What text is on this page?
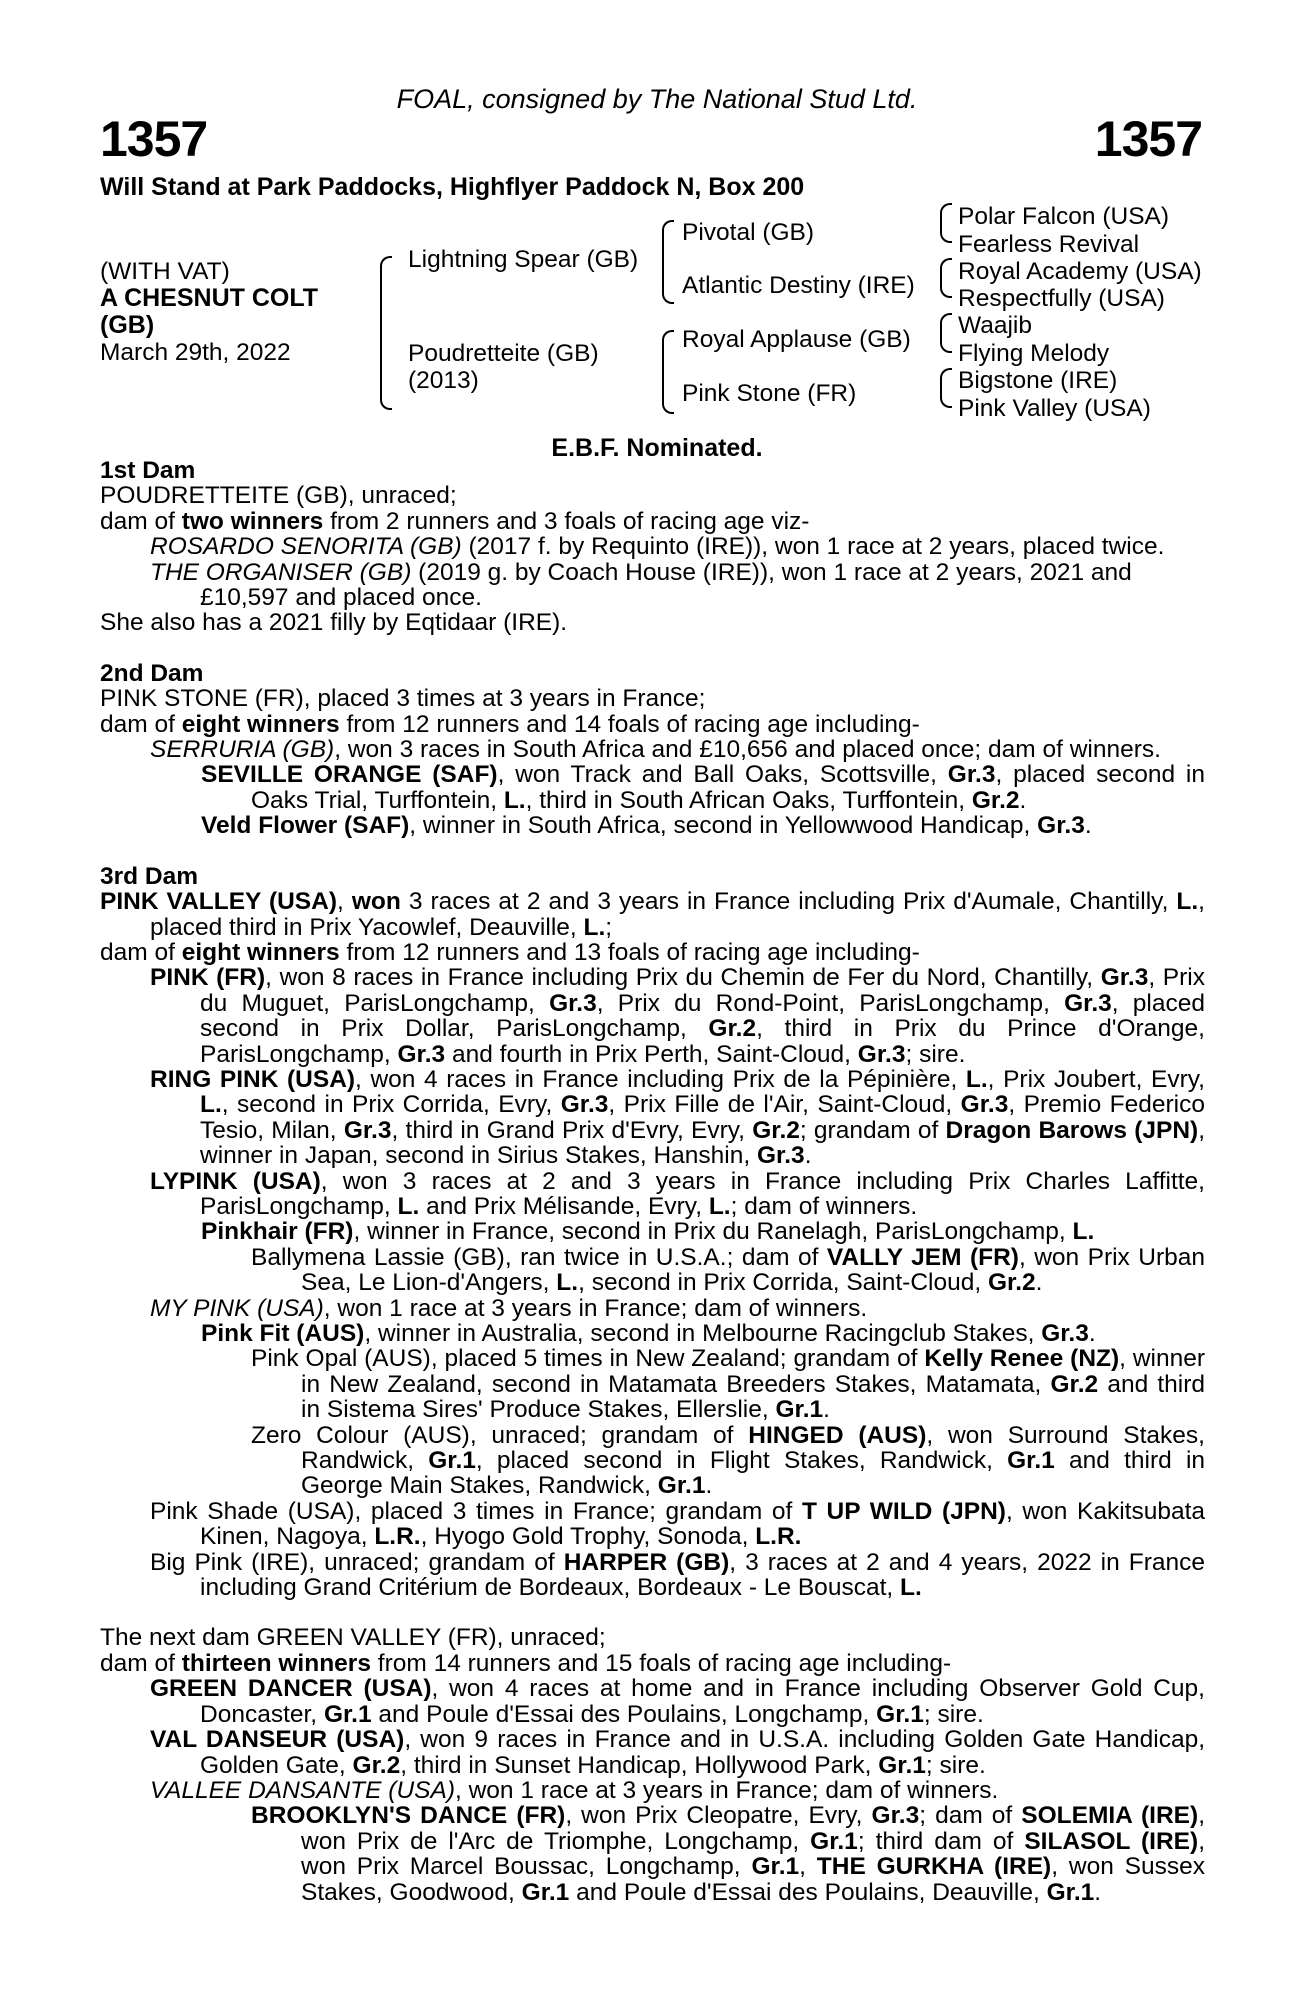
FOAL, consigned by The National Stud Ltd.
1357	1357
Will Stand at Park Paddocks, Highflyer Paddock N, Box 200
(WITH VAT)
A CHESNUT COLT
(GB)
March 29th, 2022
Lightning Spear (GB)
Poudretteite (GB)
(2013)
Pivotal (GB)
Atlantic Destiny (IRE)
Royal Applause (GB)
Pink Stone (FR)
Polar Falcon (USA)
Fearless Revival
Royal Academy (USA)
Respectfully (USA)
Waajib
Flying Melody
Bigstone (IRE)
Pink Valley (USA)
E.B.F. Nominated.

1st Dam

POUDRETTEITE (GB), unraced;

dam of two winners from 2 runners and 3 foals of racing age viz-

ROSARDO SENORITA (GB) (2017 f. by Requinto (IRE)), won 1 race at 2 years, placed twice.

THE ORGANISER (GB) (2019 g. by Coach House (IRE)), won 1 race at 2 years, 2021 and £10,597 and placed once.

She also has a 2021 filly by Eqtidaar (IRE).

2nd Dam

PINK STONE (FR), placed 3 times at 3 years in France;

dam of eight winners from 12 runners and 14 foals of racing age including-

SERRURIA (GB), won 3 races in South Africa and £10,656 and placed once; dam of winners.

SEVILLE ORANGE (SAF), won Track and Ball Oaks, Scottsville, Gr.3, placed second in Oaks Trial, Turffontein, L., third in South African Oaks, Turffontein, Gr.2.

Veld Flower (SAF), winner in South Africa, second in Yellowwood Handicap, Gr.3.

3rd Dam

PINK VALLEY (USA), won 3 races at 2 and 3 years in France including Prix d'Aumale, Chantilly, L., placed third in Prix Yacowlef, Deauville, L.;

dam of eight winners from 12 runners and 13 foals of racing age including-

PINK (FR), won 8 races in France including Prix du Chemin de Fer du Nord, Chantilly, Gr.3, Prix du Muguet, ParisLongchamp, Gr.3, Prix du Rond-Point, ParisLongchamp, Gr.3, placed second in Prix Dollar, ParisLongchamp, Gr.2, third in Prix du Prince d'Orange, ParisLongchamp, Gr.3 and fourth in Prix Perth, Saint-Cloud, Gr.3; sire.

RING PINK (USA), won 4 races in France including Prix de la Pépinière, L., Prix Joubert, Evry, L., second in Prix Corrida, Evry, Gr.3, Prix Fille de l'Air, Saint-Cloud, Gr.3, Premio Federico Tesio, Milan, Gr.3, third in Grand Prix d'Evry, Evry, Gr.2; grandam of Dragon Barows (JPN), winner in Japan, second in Sirius Stakes, Hanshin, Gr.3.

LYPINK (USA), won 3 races at 2 and 3 years in France including Prix Charles Laffitte, ParisLongchamp, L. and Prix Mélisande, Evry, L.; dam of winners.

Pinkhair (FR), winner in France, second in Prix du Ranelagh, ParisLongchamp, L.

Ballymena Lassie (GB), ran twice in U.S.A.; dam of VALLY JEM (FR), won Prix Urban Sea, Le Lion-d'Angers, L., second in Prix Corrida, Saint-Cloud, Gr.2.

MY PINK (USA), won 1 race at 3 years in France; dam of winners.

Pink Fit (AUS), winner in Australia, second in Melbourne Racingclub Stakes, Gr.3.

Pink Opal (AUS), placed 5 times in New Zealand; grandam of Kelly Renee (NZ), winner in New Zealand, second in Matamata Breeders Stakes, Matamata, Gr.2 and third in Sistema Sires' Produce Stakes, Ellerslie, Gr.1.

Zero Colour (AUS), unraced; grandam of HINGED (AUS), won Surround Stakes, Randwick, Gr.1, placed second in Flight Stakes, Randwick, Gr.1 and third in George Main Stakes, Randwick, Gr.1.

Pink Shade (USA), placed 3 times in France; grandam of T UP WILD (JPN), won Kakitsubata Kinen, Nagoya, L.R., Hyogo Gold Trophy, Sonoda, L.R.

Big Pink (IRE), unraced; grandam of HARPER (GB), 3 races at 2 and 4 years, 2022 in France including Grand Critérium de Bordeaux, Bordeaux - Le Bouscat, L.

The next dam GREEN VALLEY (FR), unraced;

dam of thirteen winners from 14 runners and 15 foals of racing age including-

GREEN DANCER (USA), won 4 races at home and in France including Observer Gold Cup, Doncaster, Gr.1 and Poule d'Essai des Poulains, Longchamp, Gr.1; sire.

VAL DANSEUR (USA), won 9 races in France and in U.S.A. including Golden Gate Handicap, Golden Gate, Gr.2, third in Sunset Handicap, Hollywood Park, Gr.1; sire.

VALLEE DANSANTE (USA), won 1 race at 3 years in France; dam of winners.

BROOKLYN'S DANCE (FR), won Prix Cleopatre, Evry, Gr.3; dam of SOLEMIA (IRE), won Prix de l'Arc de Triomphe, Longchamp, Gr.1; third dam of SILASOL (IRE), won Prix Marcel Boussac, Longchamp, Gr.1, THE GURKHA (IRE), won Sussex Stakes, Goodwood, Gr.1 and Poule d'Essai des Poulains, Deauville, Gr.1.
